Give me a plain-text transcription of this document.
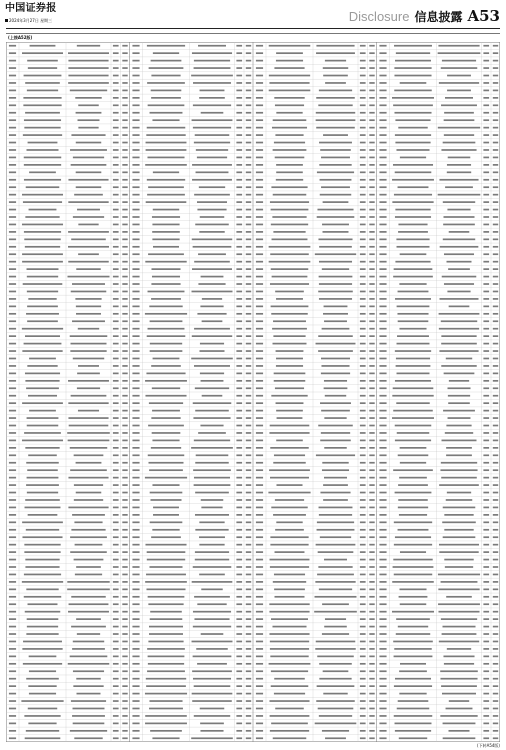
中国证券报
2024年3月27日 星期三	Disclosure 信息披露 A53
(上接A52版)
(下转A54版)
